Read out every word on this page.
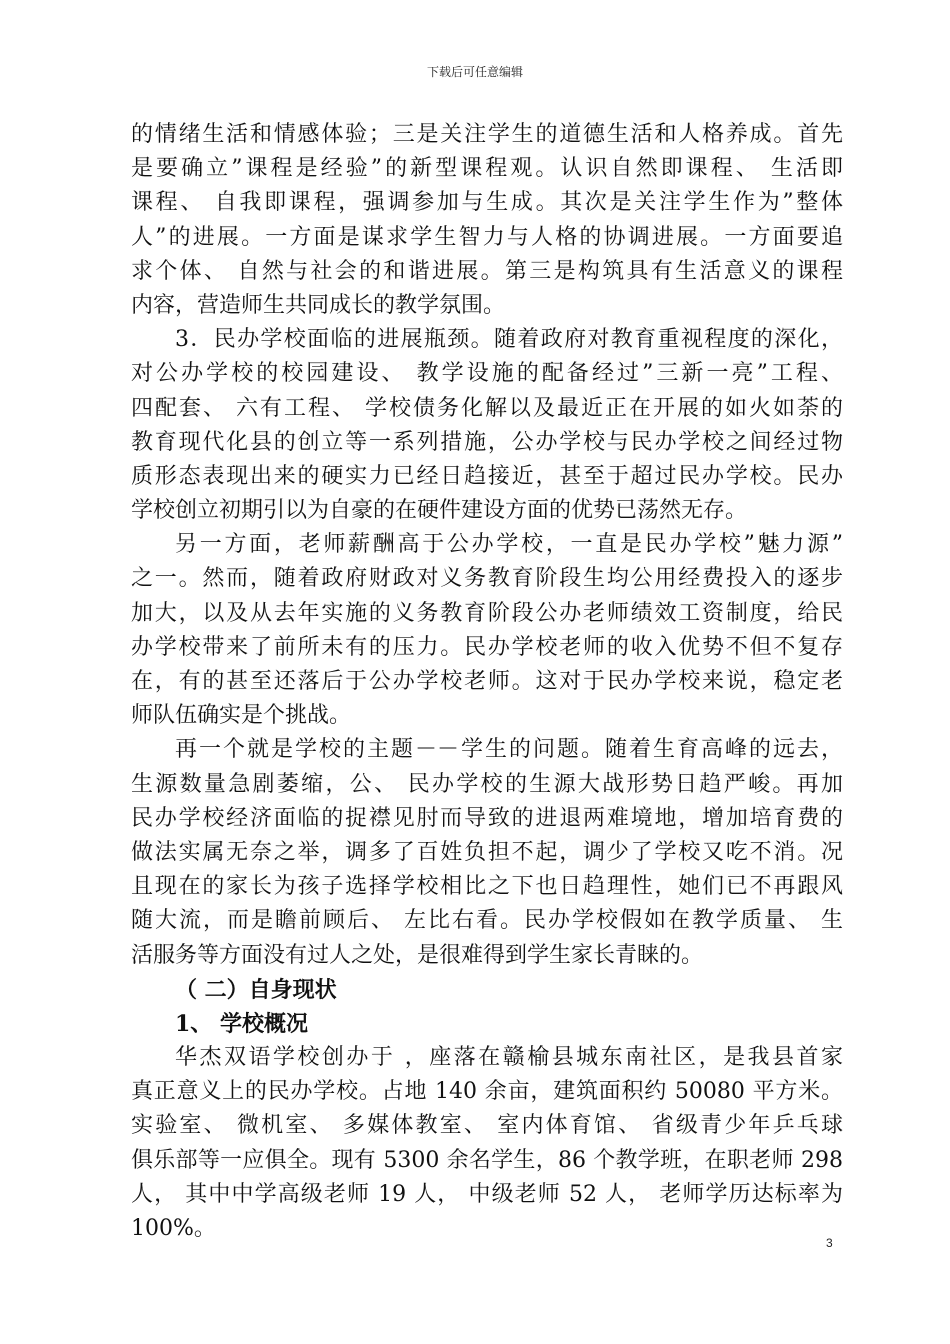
下载后可任意编辑
的情绪生活和情感体验；三是关注学生的道德生活和人格养成。首先
是要确立”课程是经验”的新型课程观。认识自然即课程、 生活即
课程、 自我即课程，强调参加与生成。其次是关注学生作为”整体
人”的进展。一方面是谋求学生智力与人格的协调进展。一方面要追
求个体、 自然与社会的和谐进展。第三是构筑具有生活意义的课程
内容，营造师生共同成长的教学氛围。
3．民办学校面临的进展瓶颈。随着政府对教育重视程度的深化，
对公办学校的校园建设、 教学设施的配备经过”三新一亮”工程、
四配套、 六有工程、 学校债务化解以及最近正在开展的如火如荼的
教育现代化县的创立等一系列措施，公办学校与民办学校之间经过物
质形态表现出来的硬实力已经日趋接近，甚至于超过民办学校。民办
学校创立初期引以为自豪的在硬件建设方面的优势已荡然无存。
另一方面，老师薪酬高于公办学校，一直是民办学校”魅力源”
之一。然而，随着政府财政对义务教育阶段生均公用经费投入的逐步
加大，以及从去年实施的义务教育阶段公办老师绩效工资制度，给民
办学校带来了前所未有的压力。民办学校老师的收入优势不但不复存
在，有的甚至还落后于公办学校老师。这对于民办学校来说，稳定老
师队伍确实是个挑战。
再一个就是学校的主题－－学生的问题。随着生育高峰的远去，
生源数量急剧萎缩，公、 民办学校的生源大战形势日趋严峻。再加
民办学校经济面临的捉襟见肘而导致的进退两难境地，增加培育费的
做法实属无奈之举，调多了百姓负担不起，调少了学校又吃不消。况
且现在的家长为孩子选择学校相比之下也日趋理性，她们已不再跟风
随大流，而是瞻前顾后、 左比右看。民办学校假如在教学质量、 生
活服务等方面没有过人之处，是很难得到学生家长青睐的。
（ 二）自身现状
1、 学校概况
华杰双语学校创办于 ，座落在赣榆县城东南社区，是我县首家
真正意义上的民办学校。占地 140 余亩，建筑面积约 50080 平方米。
实验室、 微机室、 多媒体教室、 室内体育馆、 省级青少年乒乓球
俱乐部等一应俱全。现有 5300 余名学生，86 个教学班，在职老师 298
人， 其中中学高级老师 19 人， 中级老师 52 人， 老师学历达标率为
100%。
3
